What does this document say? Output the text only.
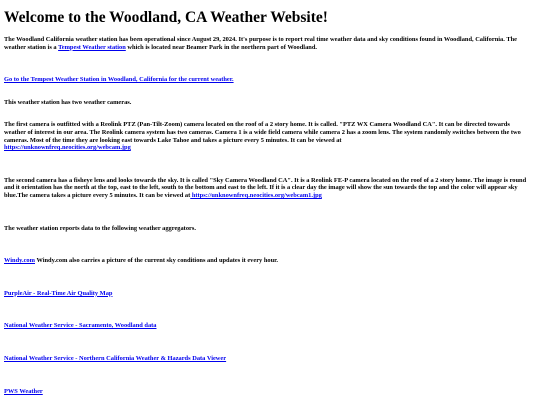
Welcome to the Woodland, CA Weather Website!

The Woodland California weather station has been operational since August 29, 2024. It's purpose is to report real time weather data and sky conditions found in Woodland, California. The weather station is a Tempest Weather station which is located near Beamer Park in the northern part of Woodland.

Go to the Tempest Weather Station in Woodland, California for the current weather.

This weather station has two weather cameras.

The first camera is outfitted with a Reolink PTZ (Pan-Tilt-Zoom) camera located on the roof of a 2 story home. It is called. "PTZ WX Camera Woodland CA". It can be directed towards weather of interest in our area. The Reolink camera system has two cameras. Camera 1 is a wide field camera while camera 2 has a zoom lens. The system randomly switches between the two cameras. Most of the time they are looking east towards Lake Tahoe and takes a picture every 5 minutes. It can be viewed at
https://unknownfreq.neocities.org/webcam.jpg

The second camera has a fisheye lens and looks towards the sky. It is called "Sky Camera Woodland CA". It is a Reolink FE-P camera located on the roof of a 2 story home. The image is round and it orientation has the north at the top, east to the left, south to the bottom and east to the left. If it is a clear day the image will show the sun towards the top and the color will appear sky blue.The camera takes a picture every 5 minutes. It can be viewed at https://unknownfreq.neocities.org/webcam1.jpg

The weather station reports data to the following weather aggregators.

Windy.com Windy.com also carries a picture of the current sky conditions and updates it every hour.

PurpleAir - Real-Time Air Quality Map

National Weather Service - Sacramento, Woodland data

National Weather Service - Northern California Weather & Hazards Data Viewer

PWS Weather
